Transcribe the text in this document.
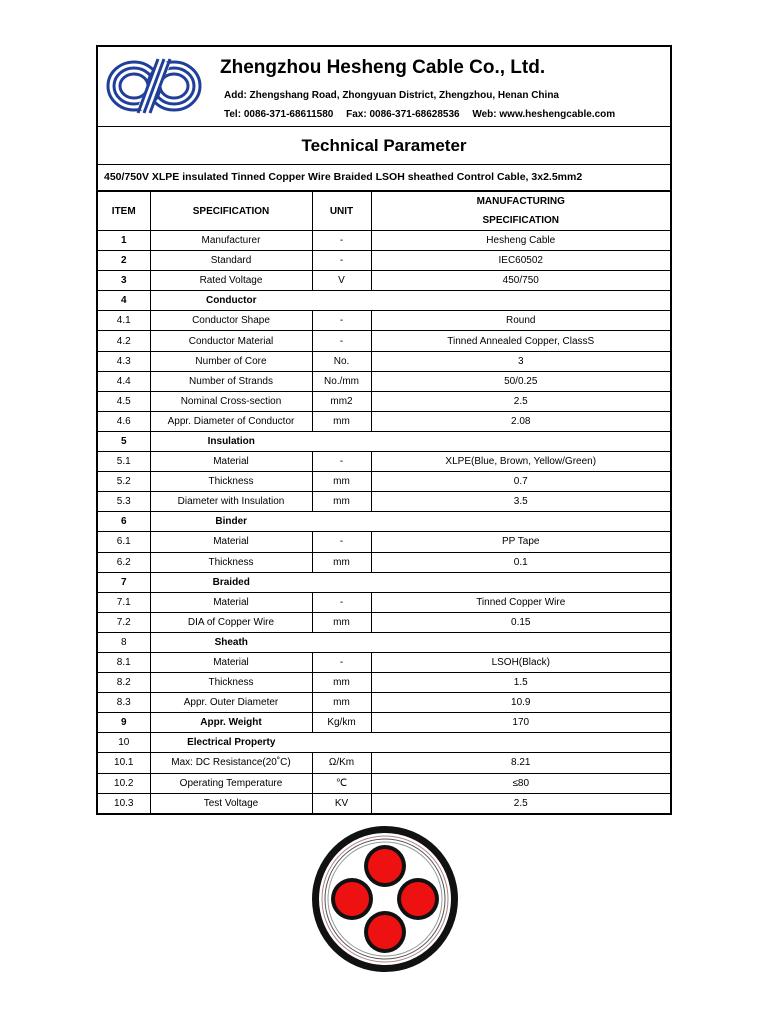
Zhengzhou Hesheng Cable Co., Ltd.
Add: Zhengshang Road, Zhongyuan District, Zhengzhou, Henan China
Tel: 0086-371-68611580 Fax: 0086-371-68628536 Web: www.heshengcable.com
Technical Parameter
450/750V XLPE insulated Tinned Copper Wire Braided LSOH sheathed Control Cable, 3x2.5mm2
ITEM	SPECIFICATION	UNIT	MANUFACTURING
SPECIFICATION

1	Manufacturer	-	Hesheng Cable
2	Standard	-	IEC60502
3	Rated Voltage	V	450/750
4	Conductor		
4.1	Conductor Shape	-	Round
4.2	Conductor Material	-	Tinned Annealed Copper, ClassS
4.3	Number of Core	No.	3
4.4	Number of Strands	No./mm	50/0.25
4.5	Nominal Cross-section	mm2	2.5
4.6	Appr. Diameter of Conductor	mm	2.08
5	Insulation		
5.1	Material	-	XLPE(Blue, Brown, Yellow/Green)
5.2	Thickness	mm	0.7
5.3	Diameter with Insulation	mm	3.5
6	Binder		
6.1	Material	-	PP Tape
6.2	Thickness	mm	0.1
7	Braided		
7.1	Material	-	Tinned Copper Wire
7.2	DIA of Copper Wire	mm	0.15
8	Sheath		
8.1	Material	-	LSOH(Black)
8.2	Thickness	mm	1.5
8.3	Appr. Outer Diameter	mm	10.9
9	Appr. Weight	Kg/km	170
10	Electrical Property		
10.1	Max: DC Resistance(20˚C)	Ω/Km	8.21
10.2	Operating Temperature	℃	≤80
10.3	Test Voltage	KV	2.5
